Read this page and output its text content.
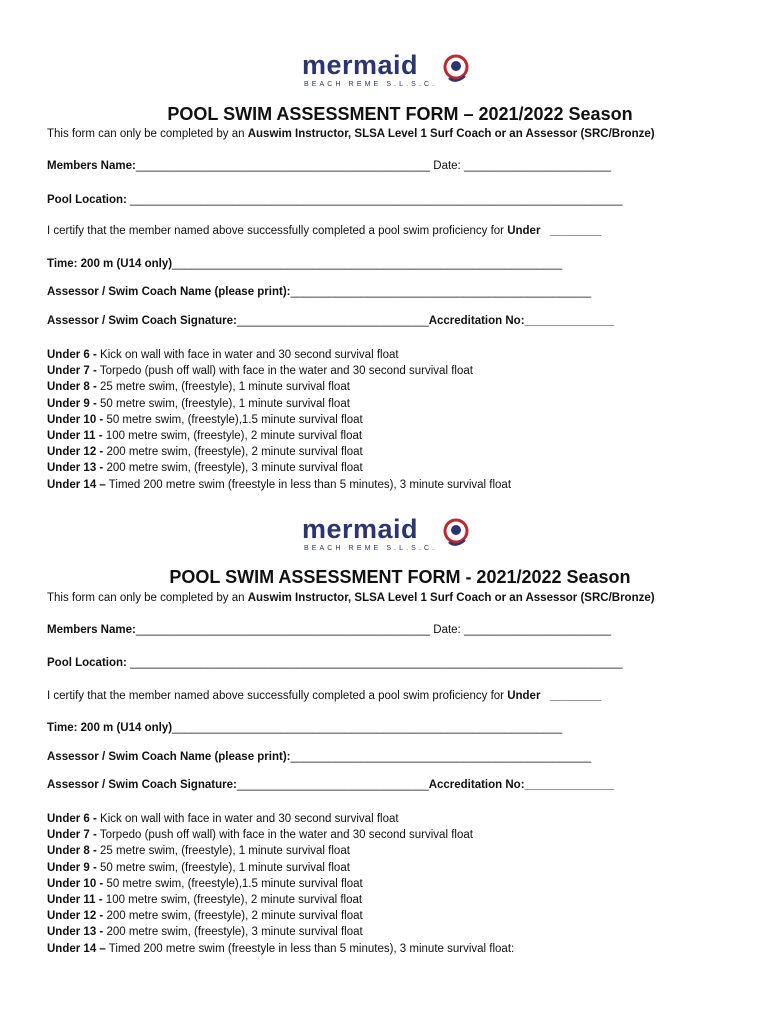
mermaid
BEACH REME S.L.S.C.
POOL SWIM ASSESSMENT FORM – 2021/2022 Season
This form can only be completed by an Auswim Instructor, SLSA Level 1 Surf Coach or an Assessor (SRC/Bronze)
Members Name:______________________________________________ Date: _______________________
Pool Location: _____________________________________________________________________________
I certify that the member named above successfully completed a pool swim proficiency for Under   ________
Time: 200 m (U14 only)_____________________________________________________________
Assessor / Swim Coach Name (please print):_______________________________________________
Assessor / Swim Coach Signature:______________________________Accreditation No:______________
Under 6 - Kick on wall with face in water and 30 second survival float
Under 7 - Torpedo (push off wall) with face in the water and 30 second survival float
Under 8 - 25 metre swim, (freestyle), 1 minute survival float
Under 9 - 50 metre swim, (freestyle), 1 minute survival float
Under 10 - 50 metre swim, (freestyle),1.5 minute survival float
Under 11 - 100 metre swim, (freestyle), 2 minute survival float
Under 12 - 200 metre swim, (freestyle), 2 minute survival float
Under 13 - 200 metre swim, (freestyle), 3 minute survival float
Under 14 – Timed 200 metre swim (freestyle in less than 5 minutes), 3 minute survival float
mermaid
BEACH REME S.L.S.C.
POOL SWIM ASSESSMENT FORM - 2021/2022 Season
This form can only be completed by an Auswim Instructor, SLSA Level 1 Surf Coach or an Assessor (SRC/Bronze)
Members Name:______________________________________________ Date: _______________________
Pool Location: _____________________________________________________________________________
I certify that the member named above successfully completed a pool swim proficiency for Under   ________
Time: 200 m (U14 only)_____________________________________________________________
Assessor / Swim Coach Name (please print):_______________________________________________
Assessor / Swim Coach Signature:______________________________Accreditation No:______________
Under 6 - Kick on wall with face in water and 30 second survival float
Under 7 - Torpedo (push off wall) with face in the water and 30 second survival float
Under 8 - 25 metre swim, (freestyle), 1 minute survival float
Under 9 - 50 metre swim, (freestyle), 1 minute survival float
Under 10 - 50 metre swim, (freestyle),1.5 minute survival float
Under 11 - 100 metre swim, (freestyle), 2 minute survival float
Under 12 - 200 metre swim, (freestyle), 2 minute survival float
Under 13 - 200 metre swim, (freestyle), 3 minute survival float
Under 14 – Timed 200 metre swim (freestyle in less than 5 minutes), 3 minute survival float:
